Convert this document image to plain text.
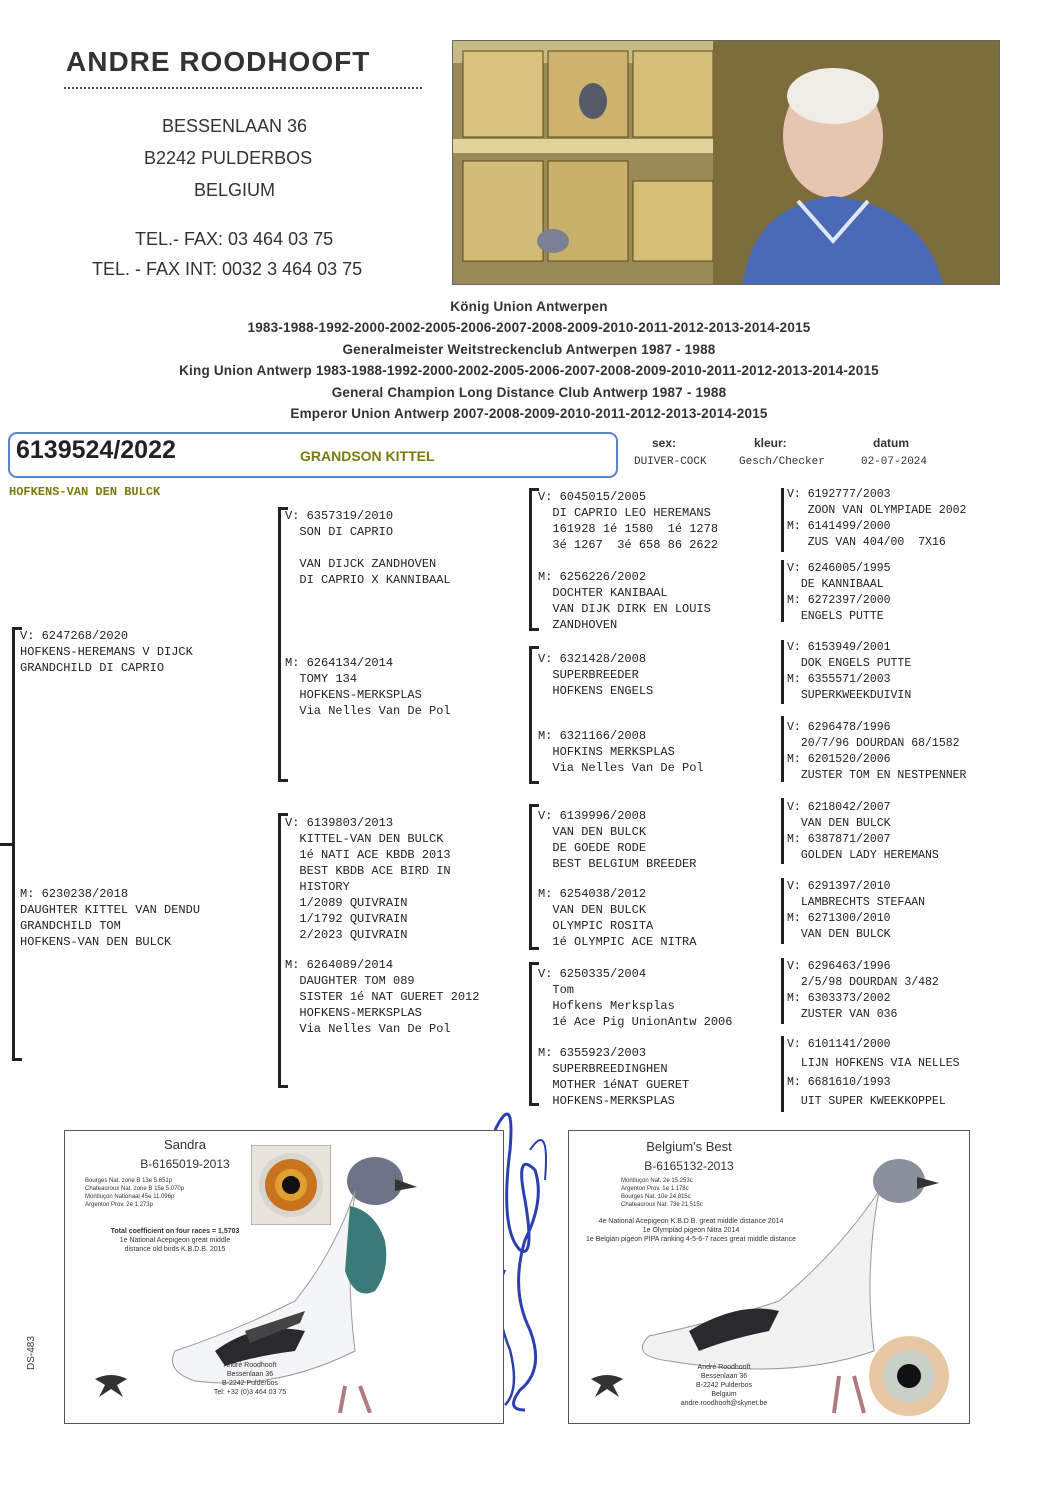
ANDRE ROODHOOFT
BESSENLAAN 36
B2242 PULDERBOS
BELGIUM
TEL.- FAX: 03 464 03 75
TEL. - FAX INT: 0032 3 464 03 75
König Union Antwerpen
1983-1988-1992-2000-2002-2005-2006-2007-2008-2009-2010-2011-2012-2013-2014-2015
Generalmeister Weitstreckenclub Antwerpen 1987 - 1988
King Union Antwerp 1983-1988-1992-2000-2002-2005-2006-2007-2008-2009-2010-2011-2012-2013-2014-2015
General Champion Long Distance Club Antwerp 1987 - 1988
Emperor Union Antwerp 2007-2008-2009-2010-2011-2012-2013-2014-2015
6139524/2022	GRANDSON KITTEL
sex:
DUIVER-COCK
kleur:
Gesch/Checker
datum
02-07-2024
HOFKENS-VAN DEN BULCK
V: 6247268/2020
HOFKENS-HEREMANS V DIJCK
GRANDCHILD DI CAPRIO
M: 6230238/2018
DAUGHTER KITTEL VAN DENDU
GRANDCHILD TOM
HOFKENS-VAN DEN BULCK
V: 6357319/2010
SON DI CAPRIO

VAN DIJCK ZANDHOVEN
DI CAPRIO X KANNIBAAL
M: 6264134/2014
TOMY 134
HOFKENS-MERKSPLAS
Via Nelles Van De Pol
V: 6139803/2013
KITTEL-VAN DEN BULCK
1é NATI ACE KBDB 2013
BEST KBDB ACE BIRD IN
HISTORY
1/2089 QUIVRAIN
1/1792 QUIVRAIN
2/2023 QUIVRAIN
M: 6264089/2014
DAUGHTER TOM 089
SISTER 1é NAT GUERET 2012
HOFKENS-MERKSPLAS
Via Nelles Van De Pol
V: 6045015/2005
DI CAPRIO LEO HEREMANS
161928 1é 1580  1é 1278
3é 1267  3é 658 86 2622
M: 6256226/2002
DOCHTER KANIBAAL
VAN DIJK DIRK EN LOUIS
ZANDHOVEN
V: 6321428/2008
SUPERBREEDER
HOFKENS ENGELS
M: 6321166/2008
HOFKINS MERKSPLAS
Via Nelles Van De Pol
V: 6139996/2008
VAN DEN BULCK
DE GOEDE RODE
BEST BELGIUM BREEDER
M: 6254038/2012
VAN DEN BULCK
OLYMPIC ROSITA
1é OLYMPIC ACE NITRA
V: 6250335/2004
Tom
Hofkens Merksplas
1é Ace Pig UnionAntw 2006
M: 6355923/2003
SUPERBREEDINGHEN
MOTHER 1éNAT GUERET
HOFKENS-MERKSPLAS
V: 6192777/2003
ZOON VAN OLYMPIADE 2002
M: 6141499/2000
ZUS VAN 404/00  7X16
V: 6246005/1995
DE KANNIBAAL
M: 6272397/2000
ENGELS PUTTE
V: 6153949/2001
DOK ENGELS PUTTE
M: 6355571/2003
SUPERKWEEKDUIVIN
V: 6296478/1996
20/7/96 DOURDAN 68/1582
M: 6201520/2006
ZUSTER TOM EN NESTPENNER
V: 6218042/2007
VAN DEN BULCK
M: 6387871/2007
GOLDEN LADY HEREMANS
V: 6291397/2010
LAMBRECHTS STEFAAN
M: 6271300/2010
VAN DEN BULCK
V: 6296463/1996
2/5/98 DOURDAN 3/482
M: 6303373/2002
ZUSTER VAN 036
V: 6101141/2000
LIJN HOFKENS VIA NELLES
M: 6681610/1993
UIT SUPER KWEEKKOPPEL
Sandra
B-6165019-2013
Bourges Nat. zone B 13e 5.651p
Chateauroux Nat. zone B 15e 5.070p
Montluçon Nationaal 45e 11.096p
Argenton Prov. 2e 1.273p
Total coefficient on four races = 1,5703
1e National Acepigeon great middle
distance old birds K.B.D.B. 2015
André Roodhooft
Bessenlaan 36
B-2242 Pulderbos
Tel: +32 (0)3 464 03 75
Belgium's Best
B-6165132-2013
Montluçon Nat. 2e 15.253c
Argenton Prov. 1e 1.178c
Bourges Nat. 10e 24.815c
Chateauroux Nat. 73e 21.515c
4e National Acepigeon K.B.D.B. great middle distance 2014
1e Olympiad pigeon Nitra 2014
1e Belgian pigeon PIPA ranking 4-5-6-7 races great middle distance
André Roodhooft
Bessenlaan 36
B-2242 Pulderbos
Belgium
andre.roodhooft@skynet.be
DS-483
